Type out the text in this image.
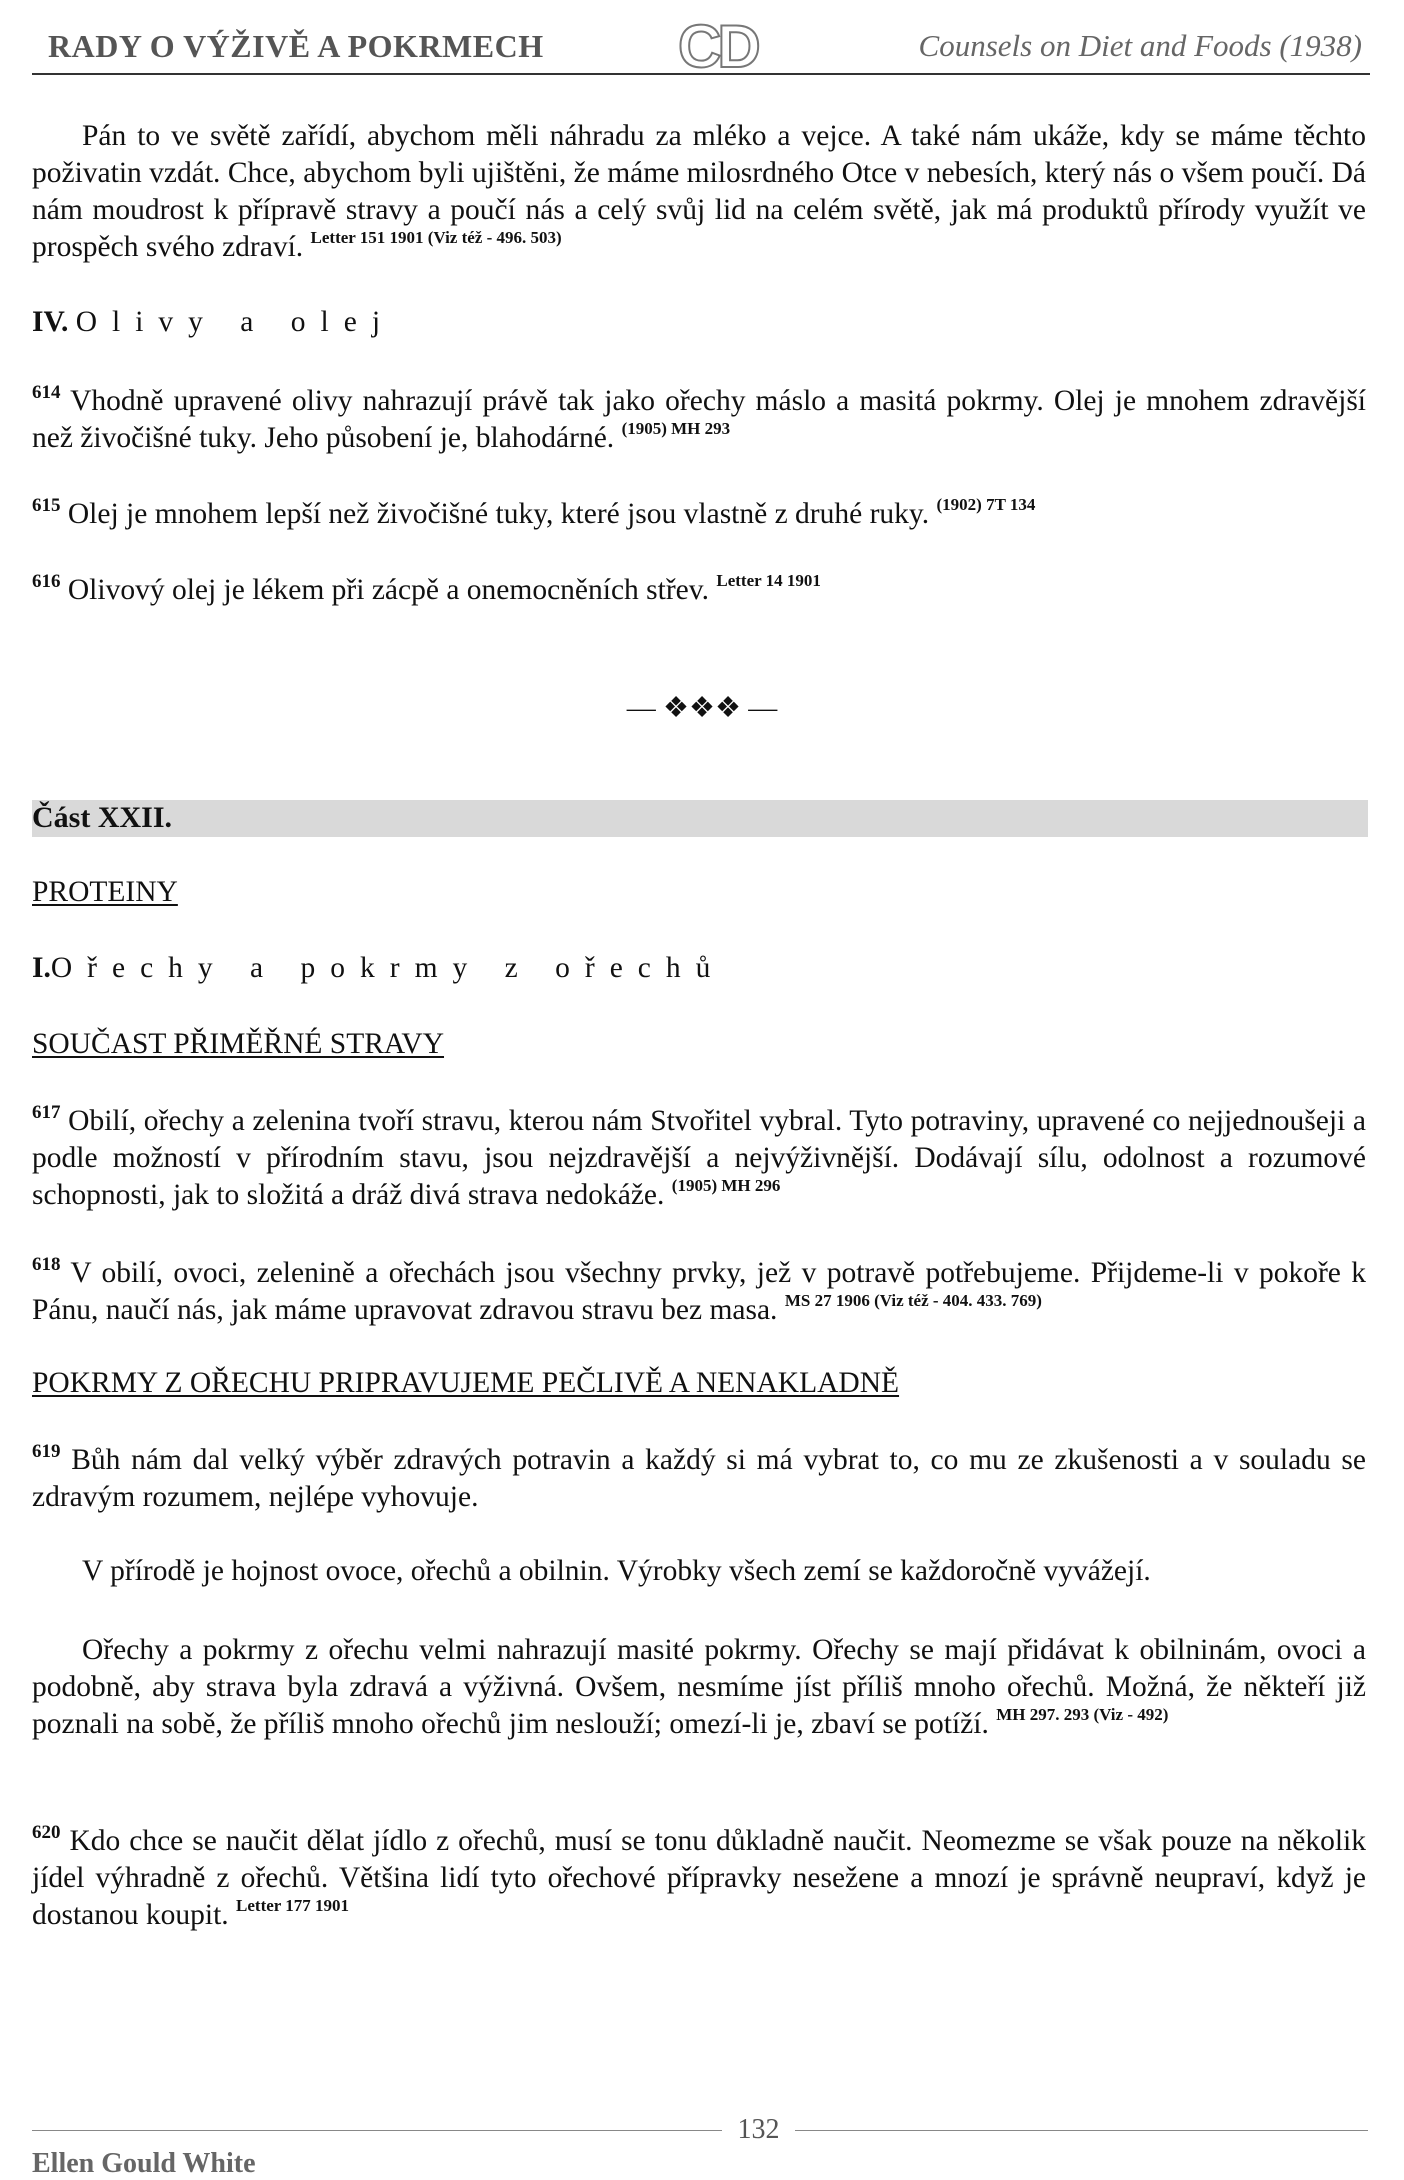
RADY O VÝŽIVĚ A POKRMECH CD	Counsels on Diet and Foods (1938)

Pán to ve světě zařídí, abychom měli náhradu za mléko a vejce. A také nám ukáže, kdy se máme těchto poživatin vzdát. Chce, abychom byli ujištěni, že máme milosrdného Otce v nebesích, který nás o všem poučí. Dá nám moudrost k přípravě stravy a poučí nás a celý svůj lid na celém světě, jak má produktů přírody využít ve prospěch svého zdraví. $^{Letter 151 1901 (Viz též - 496. 503)}$

IV. Olivy a olej

$^{614}$ Vhodně upravené olivy nahrazují právě tak jako ořechy máslo a masitá pokrmy. Olej je mnohem zdravější než živočišné tuky. Jeho působení je, blahodárné. $^{(1905) MH 293}$

$^{615}$ Olej je mnohem lepší než živočišné tuky, které jsou vlastně z druhé ruky. $^{(1902) 7T 134}$

$^{616}$ Olivový olej je lékem při zácpě a onemocněních střev. $^{Letter 14 1901}$

— ❖❖❖ —
Část XXII.
PROTEINY
I.Ořechy a pokrmy z ořechů
SOUČAST PŘIMĚŘNÉ STRAVY

$^{617}$ Obilí, ořechy a zelenina tvoří stravu, kterou nám Stvořitel vybral. Tyto potraviny, upravené co nejjednoušeji a podle možností v přírodním stavu, jsou nejzdravější a nejvýživnější. Dodávají sílu, odolnost a rozumové schopnosti, jak to složitá a dráž divá strava nedokáže. $^{(1905) MH 296}$

$^{618}$ V obilí, ovoci, zelenině a ořechách jsou všechny prvky, jež v potravě potřebujeme. Přijdeme-li v pokoře k Pánu, naučí nás, jak máme upravovat zdravou stravu bez masa. $^{MS 27 1906 (Viz též - 404. 433. 769)}$

POKRMY Z OŘECHU PRIPRAVUJEME PEČLIVĚ A NENAKLADNĚ

$^{619}$ Bůh nám dal velký výběr zdravých potravin a každý si má vybrat to, co mu ze zkušenosti a v souladu se zdravým rozumem, nejlépe vyhovuje.

V přírodě je hojnost ovoce, ořechů a obilnin. Výrobky všech zemí se každoročně vyvážejí.

Ořechy a pokrmy z ořechu velmi nahrazují masité pokrmy. Ořechy se mají přidávat k obilninám, ovoci a podobně, aby strava byla zdravá a výživná. Ovšem, nesmíme jíst příliš mnoho ořechů. Možná, že někteří již poznali na sobě, že příliš mnoho ořechů jim neslouží; omezí-li je, zbaví se potíží. $^{MH 297. 293 (Viz - 492)}$

$^{620}$ Kdo chce se naučit dělat jídlo z ořechů, musí se tonu důkladně naučit. Neomezme se však pouze na několik jídel výhradně z ořechů. Většina lidí tyto ořechové přípravky nesežene a mnozí je správně neupraví, když je dostanou koupit. $^{Letter 177 1901}$

132
Ellen Gould White
